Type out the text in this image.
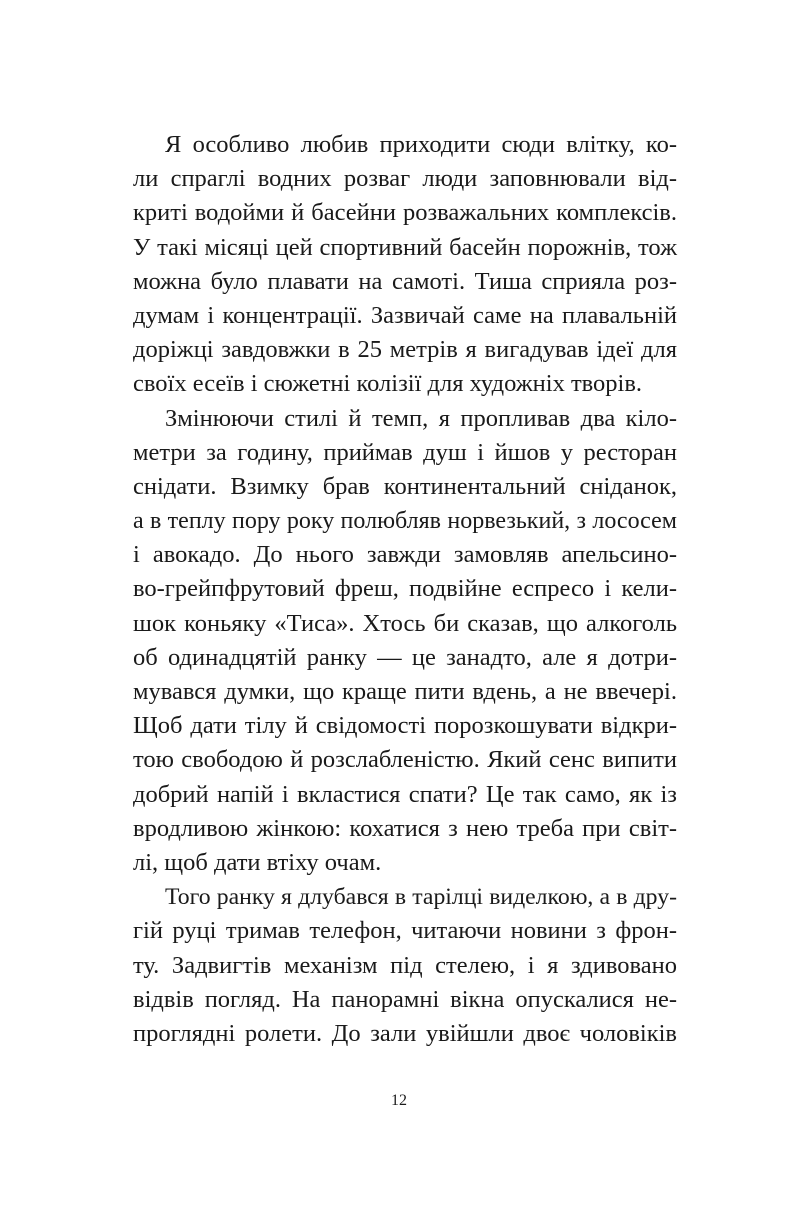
Я особливо любив приходити сюди влітку, ко-
ли спраглі водних розваг люди заповнювали від-
криті водойми й басейни розважальних комплексів.
У такі місяці цей спортивний басейн порожнів, тож
можна було плавати на самоті. Тиша сприяла роз-
думам і концентрації. Зазвичай саме на плавальній
доріжці завдовжки в 25 метрів я вигадував ідеї для
своїх есеїв і сюжетні колізії для художніх творів.
Змінюючи стилі й темп, я пропливав два кіло-
метри за годину, приймав душ і йшов у ресторан
снідати. Взимку брав континентальний сніданок,
а в теплу пору року полюбляв норвезький, з лососем
і авокадо. До нього завжди замовляв апельсино-
во-грейпфрутовий фреш, подвійне еспресо і кели-
шок коньяку «Тиса». Хтось би сказав, що алкоголь
об одинадцятій ранку — це занадто, але я дотри-
мувався думки, що краще пити вдень, а не ввечері.
Щоб дати тілу й свідомості порозкошувати відкри-
тою свободою й розслабленістю. Який сенс випити
добрий напій і вкластися спати? Це так само, як із
вродливою жінкою: кохатися з нею треба при світ-
лі, щоб дати втіху очам.
Того ранку я длубався в тарілці виделкою, а в дру-
гій руці тримав телефон, читаючи новини з фрон-
ту. Задвигтів механізм під стелею, і я здивовано
відвів погляд. На панорамні вікна опускалися не-
проглядні ролети. До зали увійшли двоє чоловіків
12
